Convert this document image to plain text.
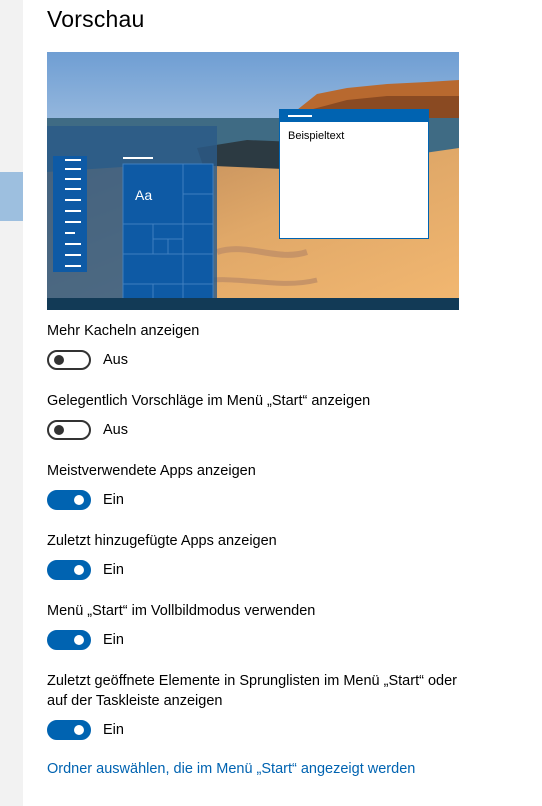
Vorschau
Aa
Beispieltext
Mehr Kacheln anzeigen
Aus
Gelegentlich Vorschläge im Menü „Start“ anzeigen
Aus
Meistverwendete Apps anzeigen
Ein
Zuletzt hinzugefügte Apps anzeigen
Ein
Menü „Start“ im Vollbildmodus verwenden
Ein
Zuletzt geöffnete Elemente in Sprunglisten im Menü „Start“ oder
auf der Taskleiste anzeigen
Ein
Ordner auswählen, die im Menü „Start“ angezeigt werden
